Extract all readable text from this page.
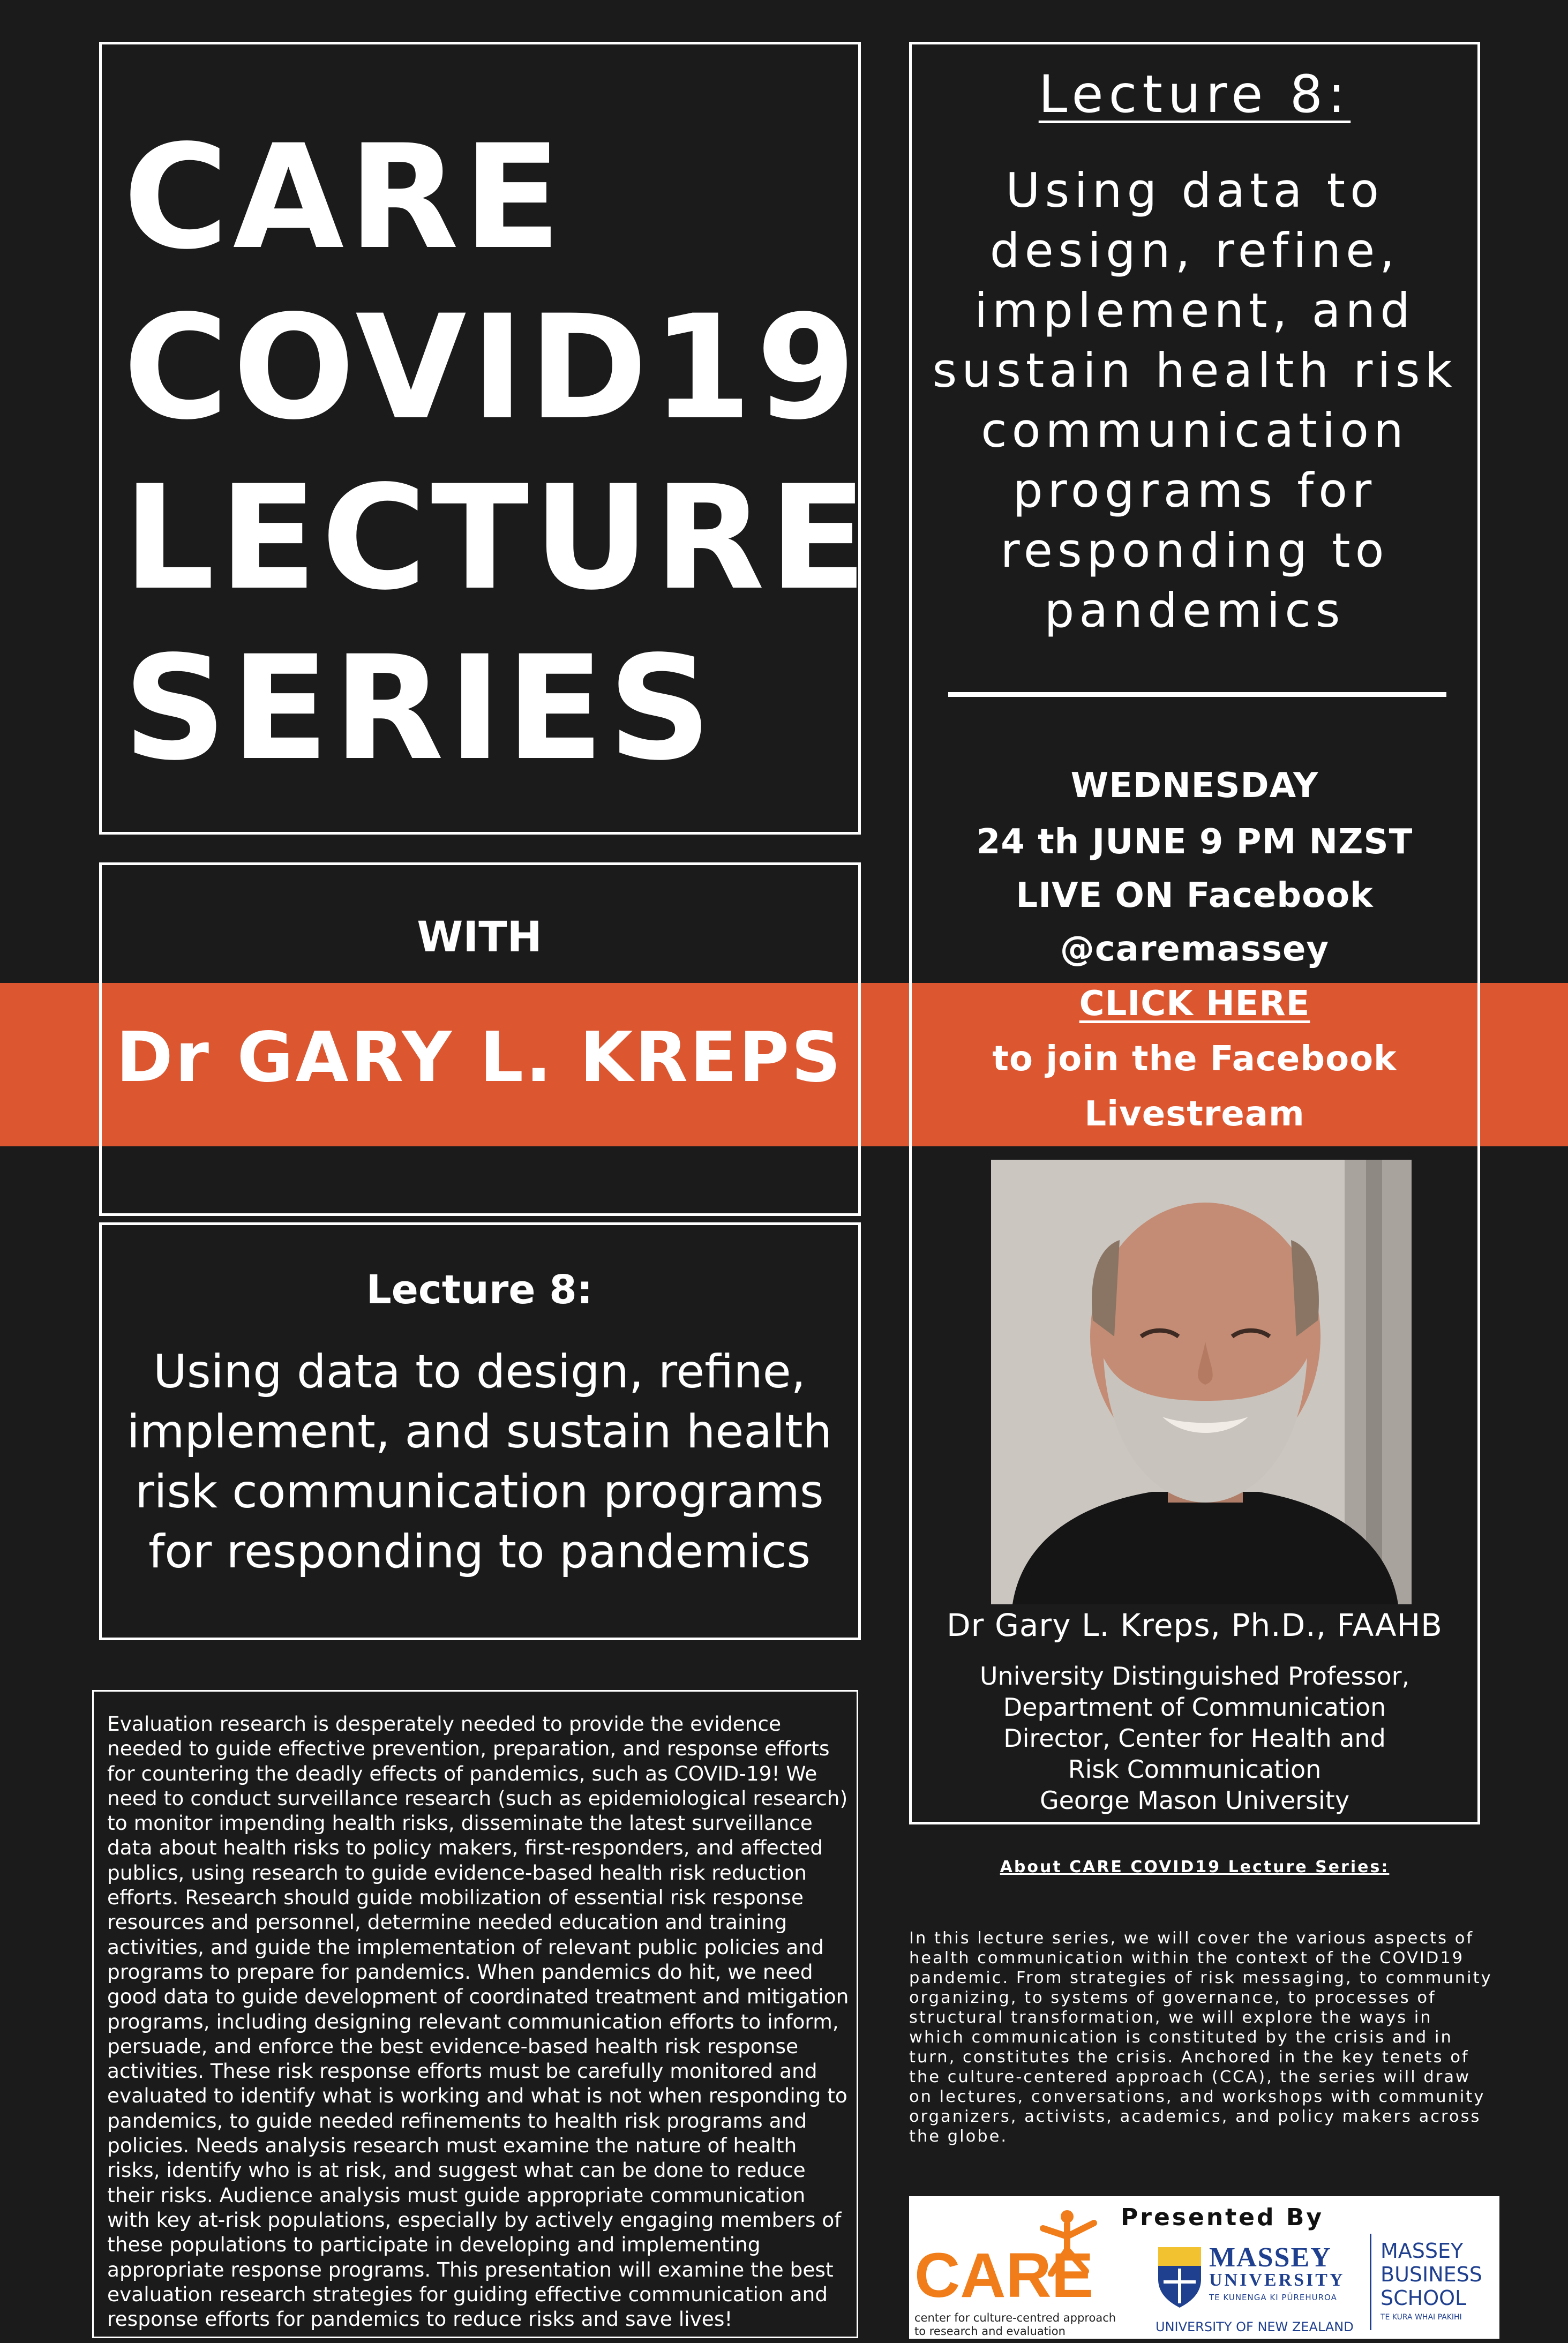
CARE
COVID19
LECTURE
SERIES
WITH
Dr GARY L. KREPS
Lecture 8:
Using data to design, refine, implement, and sustain health risk communication programs for responding to pandemics
Lecture 8:
Using data to
design, refine,
implement, and
sustain health risk
communication
programs for
responding to
pandemics
WEDNESDAY
24 th JUNE 9 PM NZST
LIVE ON Facebook
@caremassey
CLICK HERE
to join the Facebook
Livestream
Dr Gary L. Kreps, Ph.D., FAAHB
University Distinguished Professor,
Department of Communication
Director, Center for Health and
Risk Communication
George Mason University
Evaluation research is desperately needed to provide the evidence needed to guide effective prevention, preparation, and response efforts for countering the deadly effects of pandemics, such as COVID-19! We need to conduct surveillance research (such as epidemiological research) to monitor impending health risks, disseminate the latest surveillance data about health risks to policy makers, first-responders, and affected publics, using research to guide evidence-based health risk reduction efforts. Research should guide mobilization of essential risk response resources and personnel, determine needed education and training activities, and guide the implementation of relevant public policies and programs to prepare for pandemics. When pandemics do hit, we need good data to guide development of coordinated treatment and mitigation programs, including designing relevant communication efforts to inform, persuade, and enforce the best evidence-based health risk response activities. These risk response efforts must be carefully monitored and evaluated to identify what is working and what is not when responding to pandemics, to guide needed refinements to health risk programs and policies. Needs analysis research must examine the nature of health risks, identify who is at risk, and suggest what can be done to reduce their risks. Audience analysis must guide appropriate communication with key at-risk populations, especially by actively engaging members of these populations to participate in developing and implementing appropriate response programs. This presentation will examine the best evaluation research strategies for guiding effective communication and response efforts for pandemics to reduce risks and save lives!
About CARE COVID19 Lecture Series:
In this lecture series, we will cover the various aspects of health communication within the context of the COVID19 pandemic. From strategies of risk messaging, to community organizing, to systems of governance, to processes of structural transformation, we will explore the ways in which communication is constituted by the crisis and in turn, constitutes the crisis. Anchored in the key tenets of the culture-centered approach (CCA), the series will draw on lectures, conversations, and workshops with community organizers, activists, academics, and policy makers across the globe.
Presented By
CARE
center for culture-centred approach
to research and evaluation
MASSEY
UNIVERSITY
TE KUNENGA KI PŪREHUROA
UNIVERSITY OF NEW ZEALAND
MASSEY
BUSINESS
SCHOOL
TE KURA WHAI PAKIHI
